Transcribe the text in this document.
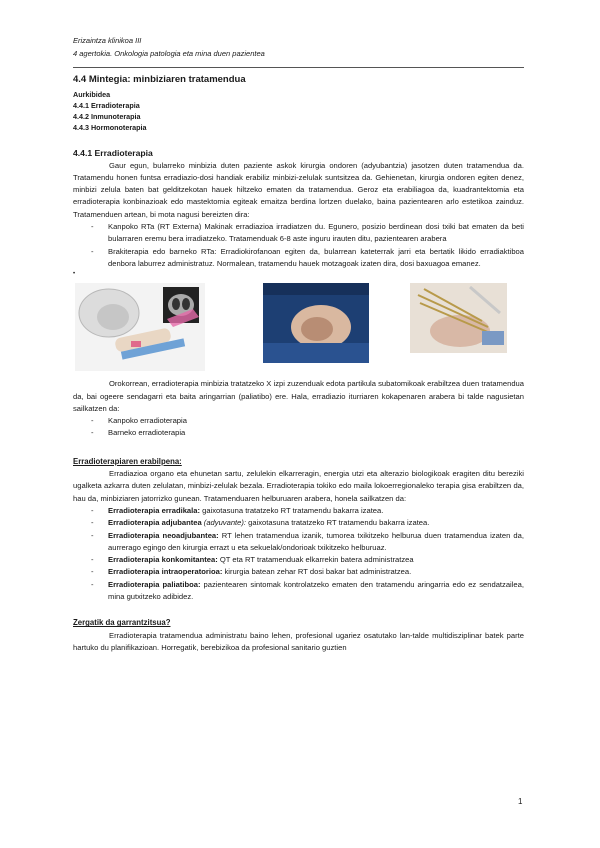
Erizaintza klinikoa III
4 agertokia. Onkologia patologia eta mina duen pazientea
4.4 Mintegia: minbiziaren tratamendua
Aurkibidea
4.4.1 Erradioterapia
4.4.2 Inmunoterapia
4.4.3 Hormonoterapia
4.4.1 Erradioterapia
Gaur egun, bularreko minbizia duten paziente askok kirurgia ondoren (adyubantzia) jasotzen duten tratamendua da. Tratamendu honen funtsa erradiazio-dosi handiak erabiliz minbizi-zelulak suntsitzea da. Gehienetan, kirurgia ondoren egiten denez, minbizi zelula baten bat gelditzekotan hauek hiltzeko ematen da tratamendua. Geroz eta erabiliagoa da, kuadrantektomia eta erradioterapia konbinazioak edo mastektomia egiteak emaitza berdina lortzen duelako, baina pazientearen arlo estetikoa zainduz. Tratamenduen artean, bi mota nagusi bereizten dira:
- Kanpoko RTa (RT Externa) Makinak erradiazioa irradiatzen du. Egunero, posizio berdinean dosi txiki bat ematen da beti bularraren eremu bera irradiatzeko. Tratamenduak 6-8 aste inguru irauten ditu, pazientearen arabera
- Brakiterapia edo barneko RTa: Erradiokirofanoan egiten da, bularrean kateterrak jarri eta bertatik likido erradiaktiboa denbora laburrez administratuz. Normalean, tratamendu hauek motzagoak izaten dira, dosi baxuagoa emanez.
•
Orokorrean, erradioterapia minbizia tratatzeko X izpi zuzenduak edota partikula subatomikoak erabiltzea duen tratamendua da, bai ogeere sendagarri eta baita aringarrian (paliatibo) ere. Hala, erradiazio iturriaren kokapenaren arabera bi talde nagusietan sailkatzen da:
- Kanpoko erradioterapia
- Barneko erradioterapia
Erradioterapiaren erabilpena:
Erradiazioa organo eta ehunetan sartu, zelulekin elkarreragin, energia utzi eta alterazio biologikoak eragiten ditu bereziki ugalketa azkarra duten zelulatan, minbizi-zelulak bezala. Erradioterapia tokiko edo maila lokoerregionaleko terapia gisa erabiltzen da, hau da, minbiziaren jatorrizko gunean. Tratamenduaren helburuaren arabera, honela sailkatzen da:
- Erradioterapia erradikala: gaixotasuna tratatzeko RT tratamendu bakarra izatea.
- Erradioterapia adjubantea (adyuvante): gaixotasuna tratatzeko RT tratamendu bakarra izatea.
- Erradioterapia neoadjubantea: RT lehen tratamendua izanik, tumorea txikitzeko helburua duen tratamendua izaten da, aurrerago egingo den kirurgia errazt u eta sekuelak/ondorioak txikitzeko helburuaz.
- Erradioterapia konkomitantea: QT eta RT tratamenduak elkarrekin batera administratzea
- Erradioterapia intraoperatorioa: kirurgia batean zehar RT dosi bakar bat administratzea.
- Erradioterapia paliatiboa: pazientearen sintomak kontrolatzeko ematen den tratamendu aringarria edo ez sendatzailea, mina gutxitzeko adibidez.
Zergatik da garrantzitsua?
Erradioterapia tratamendua administratu baino lehen, profesional ugariez osatutako lan-talde multidisziplinar batek parte hartuko du planifikazioan. Horregatik, berebizikoa da profesional sanitario guztien
1
